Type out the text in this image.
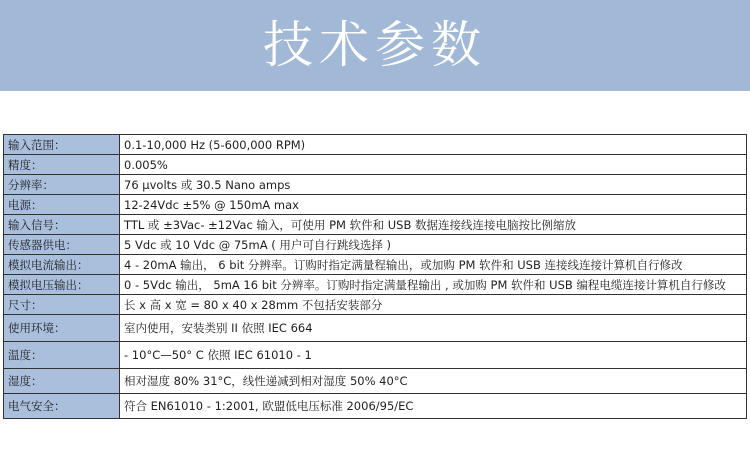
技术参数
输入范围：	0.1-10,000 Hz (5-600,000 RPM)
精度：	0.005%
分辨率：	76 μvolts 或 30.5 Nano amps
电源：	12-24Vdc ±5% @ 150mA max
输入信号：	TTL 或 ±3Vac- ±12Vac 输入，可使用 PM 软件和 USB 数据连接线连接电脑按比例缩放
传感器供电：	5 Vdc 或 10 Vdc @ 75mA ( 用户可自行跳线选择 )
模拟电流输出：	4 - 20mA 输出， 6 bit 分辨率。订购时指定满量程输出，或加购 PM 软件和 USB 连接线连接计算机自行修改
模拟电压输出：	0 - 5Vdc 输出， 5mA 16 bit 分辨率。订购时指定满量程输出 , 或加购 PM 软件和 USB 编程电缆连接计算机自行修改
尺寸：	长 x 高 x 宽 = 80 x 40 x 28mm 不包括安装部分
使用环境：	室内使用，安装类别 II 依照 IEC 664
温度：	- 10°C—50° C 依照 IEC 61010 - 1
湿度：	相对湿度 80% 31°C，线性递减到相对湿度 50% 40°C
电气安全：	符合 EN61010 - 1:2001, 欧盟低电压标准 2006/95/EC
